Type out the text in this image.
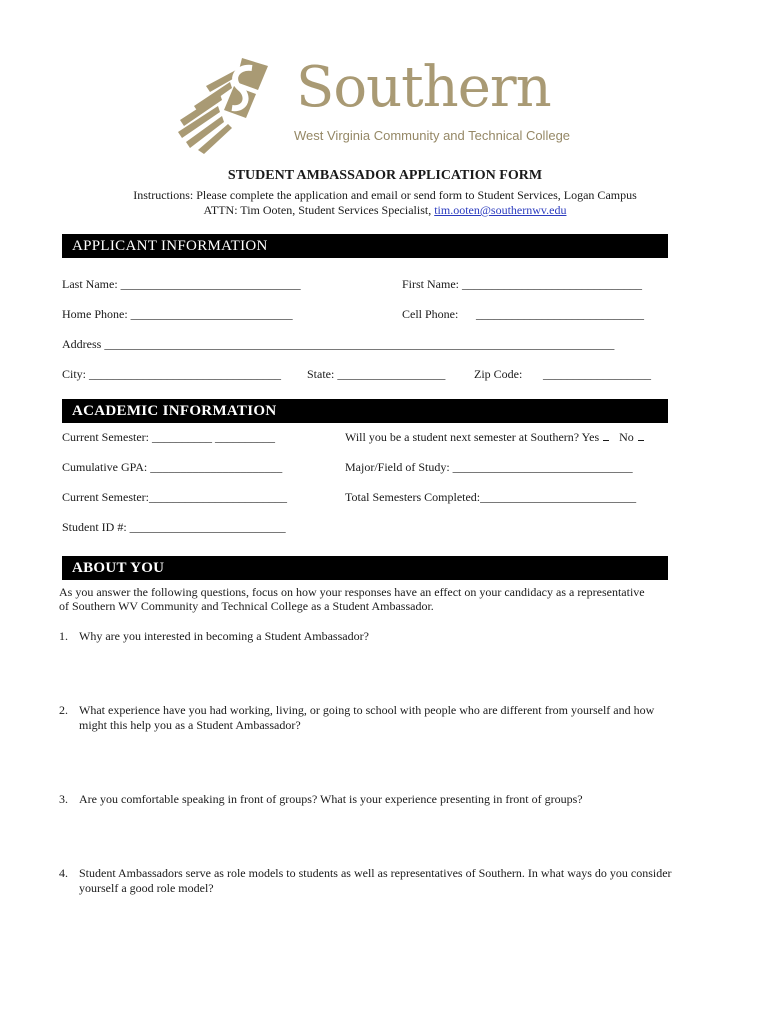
Southern
West Virginia Community and Technical College
STUDENT AMBASSADOR APPLICATION FORM
Instructions: Please complete the application and email or send form to Student Services, Logan Campus
ATTN: Tim Ooten, Student Services Specialist, tim.ooten@southernwv.edu
APPLICANT INFORMATION
Last Name: ______________________________	First Name: ______________________________
Home Phone: ___________________________	Cell Phone: ____________________________
Address _____________________________________________________________________________________
City: ________________________________ State: __________________ Zip Code: __________________
ACADEMIC INFORMATION
Current Semester: __________ __________	Will you be a student next semester at Southern? Yes No
Cumulative GPA: ______________________	Major/Field of Study: ______________________________
Current Semester:_______________________	Total Semesters Completed:__________________________
Student ID #: __________________________
ABOUT YOU
As you answer the following questions, focus on how your responses have an effect on your candidacy as a representative
of Southern WV Community and Technical College as a Student Ambassador.
1. Why are you interested in becoming a Student Ambassador?
2. What experience have you had working, living, or going to school with people who are different from yourself and how
might this help you as a Student Ambassador?
3. Are you comfortable speaking in front of groups? What is your experience presenting in front of groups?
4. Student Ambassadors serve as role models to students as well as representatives of Southern. In what ways do you consider
yourself a good role model?
